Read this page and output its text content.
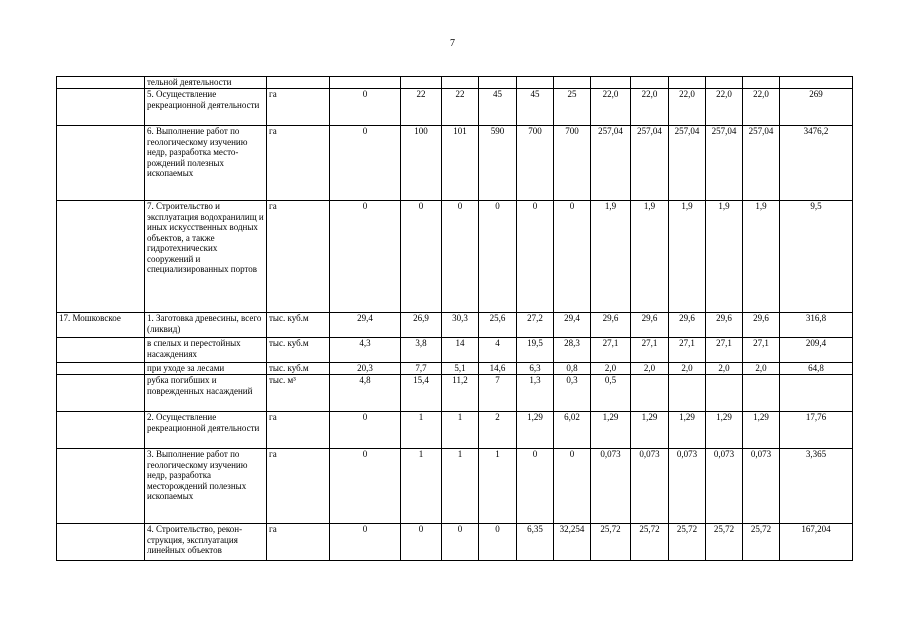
7
	тельной деятельности													
	5. Осуществление рекреационной деятельности	га	0	22	22	45	45	25	22,0	22,0	22,0	22,0	22,0	269
	6. Выполнение работ по геологическому изучению недр, разработка место-рождений полезных ископаемых	га	0	100	101	590	700	700	257,04	257,04	257,04	257,04	257,04	3476,2
	7. Строительство и эксплуатация водохранилищ и иных искусственных водных объектов, а также гидротехнических сооружений и специализированных портов	га	0	0	0	0	0	0	1,9	1,9	1,9	1,9	1,9	9,5
17. Мошковское	1. Заготовка древесины, всего (ликвид)	тыс. куб.м	29,4	26,9	30,3	25,6	27,2	29,4	29,6	29,6	29,6	29,6	29,6	316,8
	в спелых и перестойных насаждениях	тыс. куб.м	4,3	3,8	14	4	19,5	28,3	27,1	27,1	27,1	27,1	27,1	209,4
	при уходе за лесами	тыс. куб.м	20,3	7,7	5,1	14,6	6,3	0,8	2,0	2,0	2,0	2,0	2,0	64,8
	рубка погибших и поврежденных насаждений	тыс. м³	4,8	15,4	11,2	7	1,3	0,3	0,5					
	2. Осуществление рекреационной деятельности	га	0	1	1	2	1,29	6,02	1,29	1,29	1,29	1,29	1,29	17,76
	3. Выполнение работ по геологическому изучению недр, разработка месторождений полезных ископаемых	га	0	1	1	1	0	0	0,073	0,073	0,073	0,073	0,073	3,365
	4. Строительство, рекон-струкция, эксплуатация линейных объектов	га	0	0	0	0	6,35	32,254	25,72	25,72	25,72	25,72	25,72	167,204
